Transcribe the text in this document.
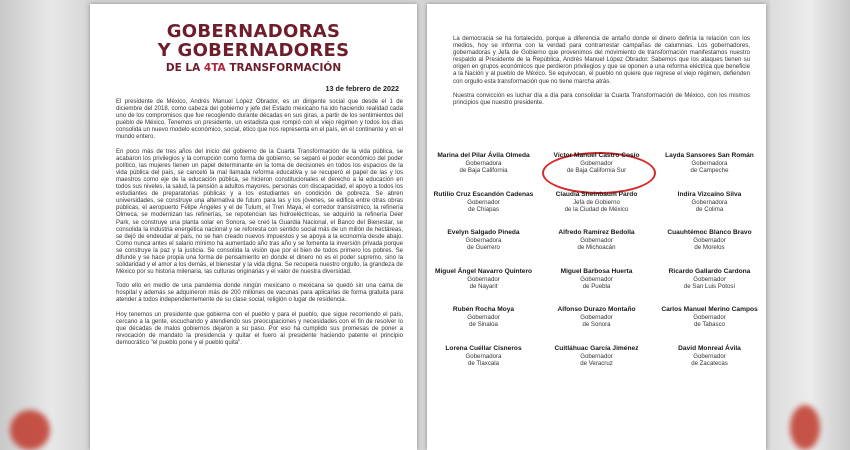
GOBERNADORAS
Y GOBERNADORES
DE LA 4TA TRANSFORMACIÓN
13 de febrero de 2022

El presidente de México, Andrés Manuel López Obrador, es un dirigente social que desde el 1 de diciembre del 2018, como cabeza del gobierno y jefe del Estado mexicano ha ido haciendo realidad cada uno de los compromisos que fue recogiendo durante décadas en sus giras, a partir de los sentimientos del pueblo de México. Tenemos un presidente, un estadista que rompió con el viejo régimen y todos los días consolida un nuevo modelo económico, social, ético que nos representa en el país, en el continente y en el mundo entero.

En poco más de tres años del inicio del gobierno de la Cuarta Transformación de la vida pública, se acabaron los privilegios y la corrupción como forma de gobierno, se separó el poder económico del poder político, las mujeres tienen un papel determinante en la toma de decisiones en todos los espacios de la vida pública del país, se canceló la mal llamada reforma educativa y se recuperó el papel de las y los maestros como eje de la educación pública, se hicieron constitucionales el derecho a la educación en todos sus niveles, la salud, la pensión a adultos mayores, personas con discapacidad, el apoyo a todos los estudiantes de preparatorias públicas y a los estudiantes en condición de pobreza. Se abren universidades, se construye una alternativa de futuro para las y los jóvenes, se edifica entre otras obras públicas, el aeropuerto Felipe Ángeles y el de Tulum, el Tren Maya, el corredor transístmico, la refinería Olmeca, se modernizan las refinerías, se repotencian las hidroeléctricas, se adquirió la refinería Deer Park, se construye una planta solar en Sonora, se creó la Guardia Nacional, el Banco del Bienestar, se consolida la industria energética nacional y se reforesta con sentido social más de un millón de hectáreas, se dejó de endeudar al país, no se han creado nuevos impuestos y se apoya a la economía desde abajo. Como nunca antes el salario mínimo ha aumentado año tras año y se fomenta la inversión privada porque se construye la paz y la justicia. Se consolida la visión que por el bien de todos primero los pobres. Se difunde y se hace propia una forma de pensamiento en donde el dinero no es el poder supremo, sino la solidaridad y el amor a los demás, el bienestar y la vida digna. Se recupera nuestro orgullo, la grandeza de México por su historia milenaria, las culturas originarias y el valor de nuestra diversidad.

Todo ello en medio de una pandemia donde ningún mexicano o mexicana se quedó sin una cama de hospital y además se adquirieron más de 200 millones de vacunas para aplicarlas de forma gratuita para atender a todos independientemente de su clase social, religión o lugar de residencia.

Hoy tenemos un presidente que gobierna con el pueblo y para el pueblo, que sigue recorriendo el país, cercano a la gente, escuchando y atendiendo sus preocupaciones y necesidades con el fin de resolver lo que décadas de malos gobiernos dejaron a su paso. Por eso ha cumplido sus promesas de poner a revocación de mandato la presidencia y quitar el fuero al presidente haciendo patente el principio democrático "el pueblo pone y el pueblo quita".

La democracia se ha fortalecido, porque a diferencia de antaño donde el dinero definía la relación con los medios, hoy se informa con la verdad para contrarrestar campañas de calumnias. Los gobernadores, gobernadoras y Jefa de Gobierno que provenimos del movimiento de transformación manifestamos nuestro respaldo al Presidente de la República, Andrés Manuel López Obrador. Sabemos que los ataques tienen su origen en grupos económicos que perdieron privilegios y que se oponen a una reforma eléctrica que beneficie a la Nación y al pueblo de México. Se equivocan, el pueblo no quiere que regrese el viejo régimen, defienden con orgullo esta transformación que no tiene marcha atrás.

Nuestra convicción es luchar día a día para consolidar la Cuarta Transformación de México, con los mismos principios que nuestro presidente.

Marina del Pilar Ávila Olmeda
Gobernadora
de Baja California
Víctor Manuel Castro Cosío
Gobernador
de Baja California Sur
Layda Sansores San Román
Gobernadora
de Campeche
Rutilio Cruz Escandón Cadenas
Gobernador
de Chiapas
Claudia Sheinbaum Pardo
Jefa de Gobierno
de la Ciudad de México
Indira Vizcaíno Silva
Gobernadora
de Colima
Evelyn Salgado Pineda
Gobernadora
de Guerrero
Alfredo Ramírez Bedolla
Gobernador
de Michoacán
Cuauhtémoc Blanco Bravo
Gobernador
de Morelos
Miguel Ángel Navarro Quintero
Gobernador
de Nayarit
Miguel Barbosa Huerta
Gobernador
de Puebla
Ricardo Gallardo Cardona
Gobernador
de San Luis Potosí
Rubén Rocha Moya
Gobernador
de Sinaloa
Alfonso Durazo Montaño
Gobernador
de Sonora
Carlos Manuel Merino Campos
Gobernador
de Tabasco
Lorena Cuéllar Cisneros
Gobernadora
de Tlaxcala
Cuitláhuac García Jiménez
Gobernador
de Veracruz
David Monreal Ávila
Gobernador
de Zacatecas
